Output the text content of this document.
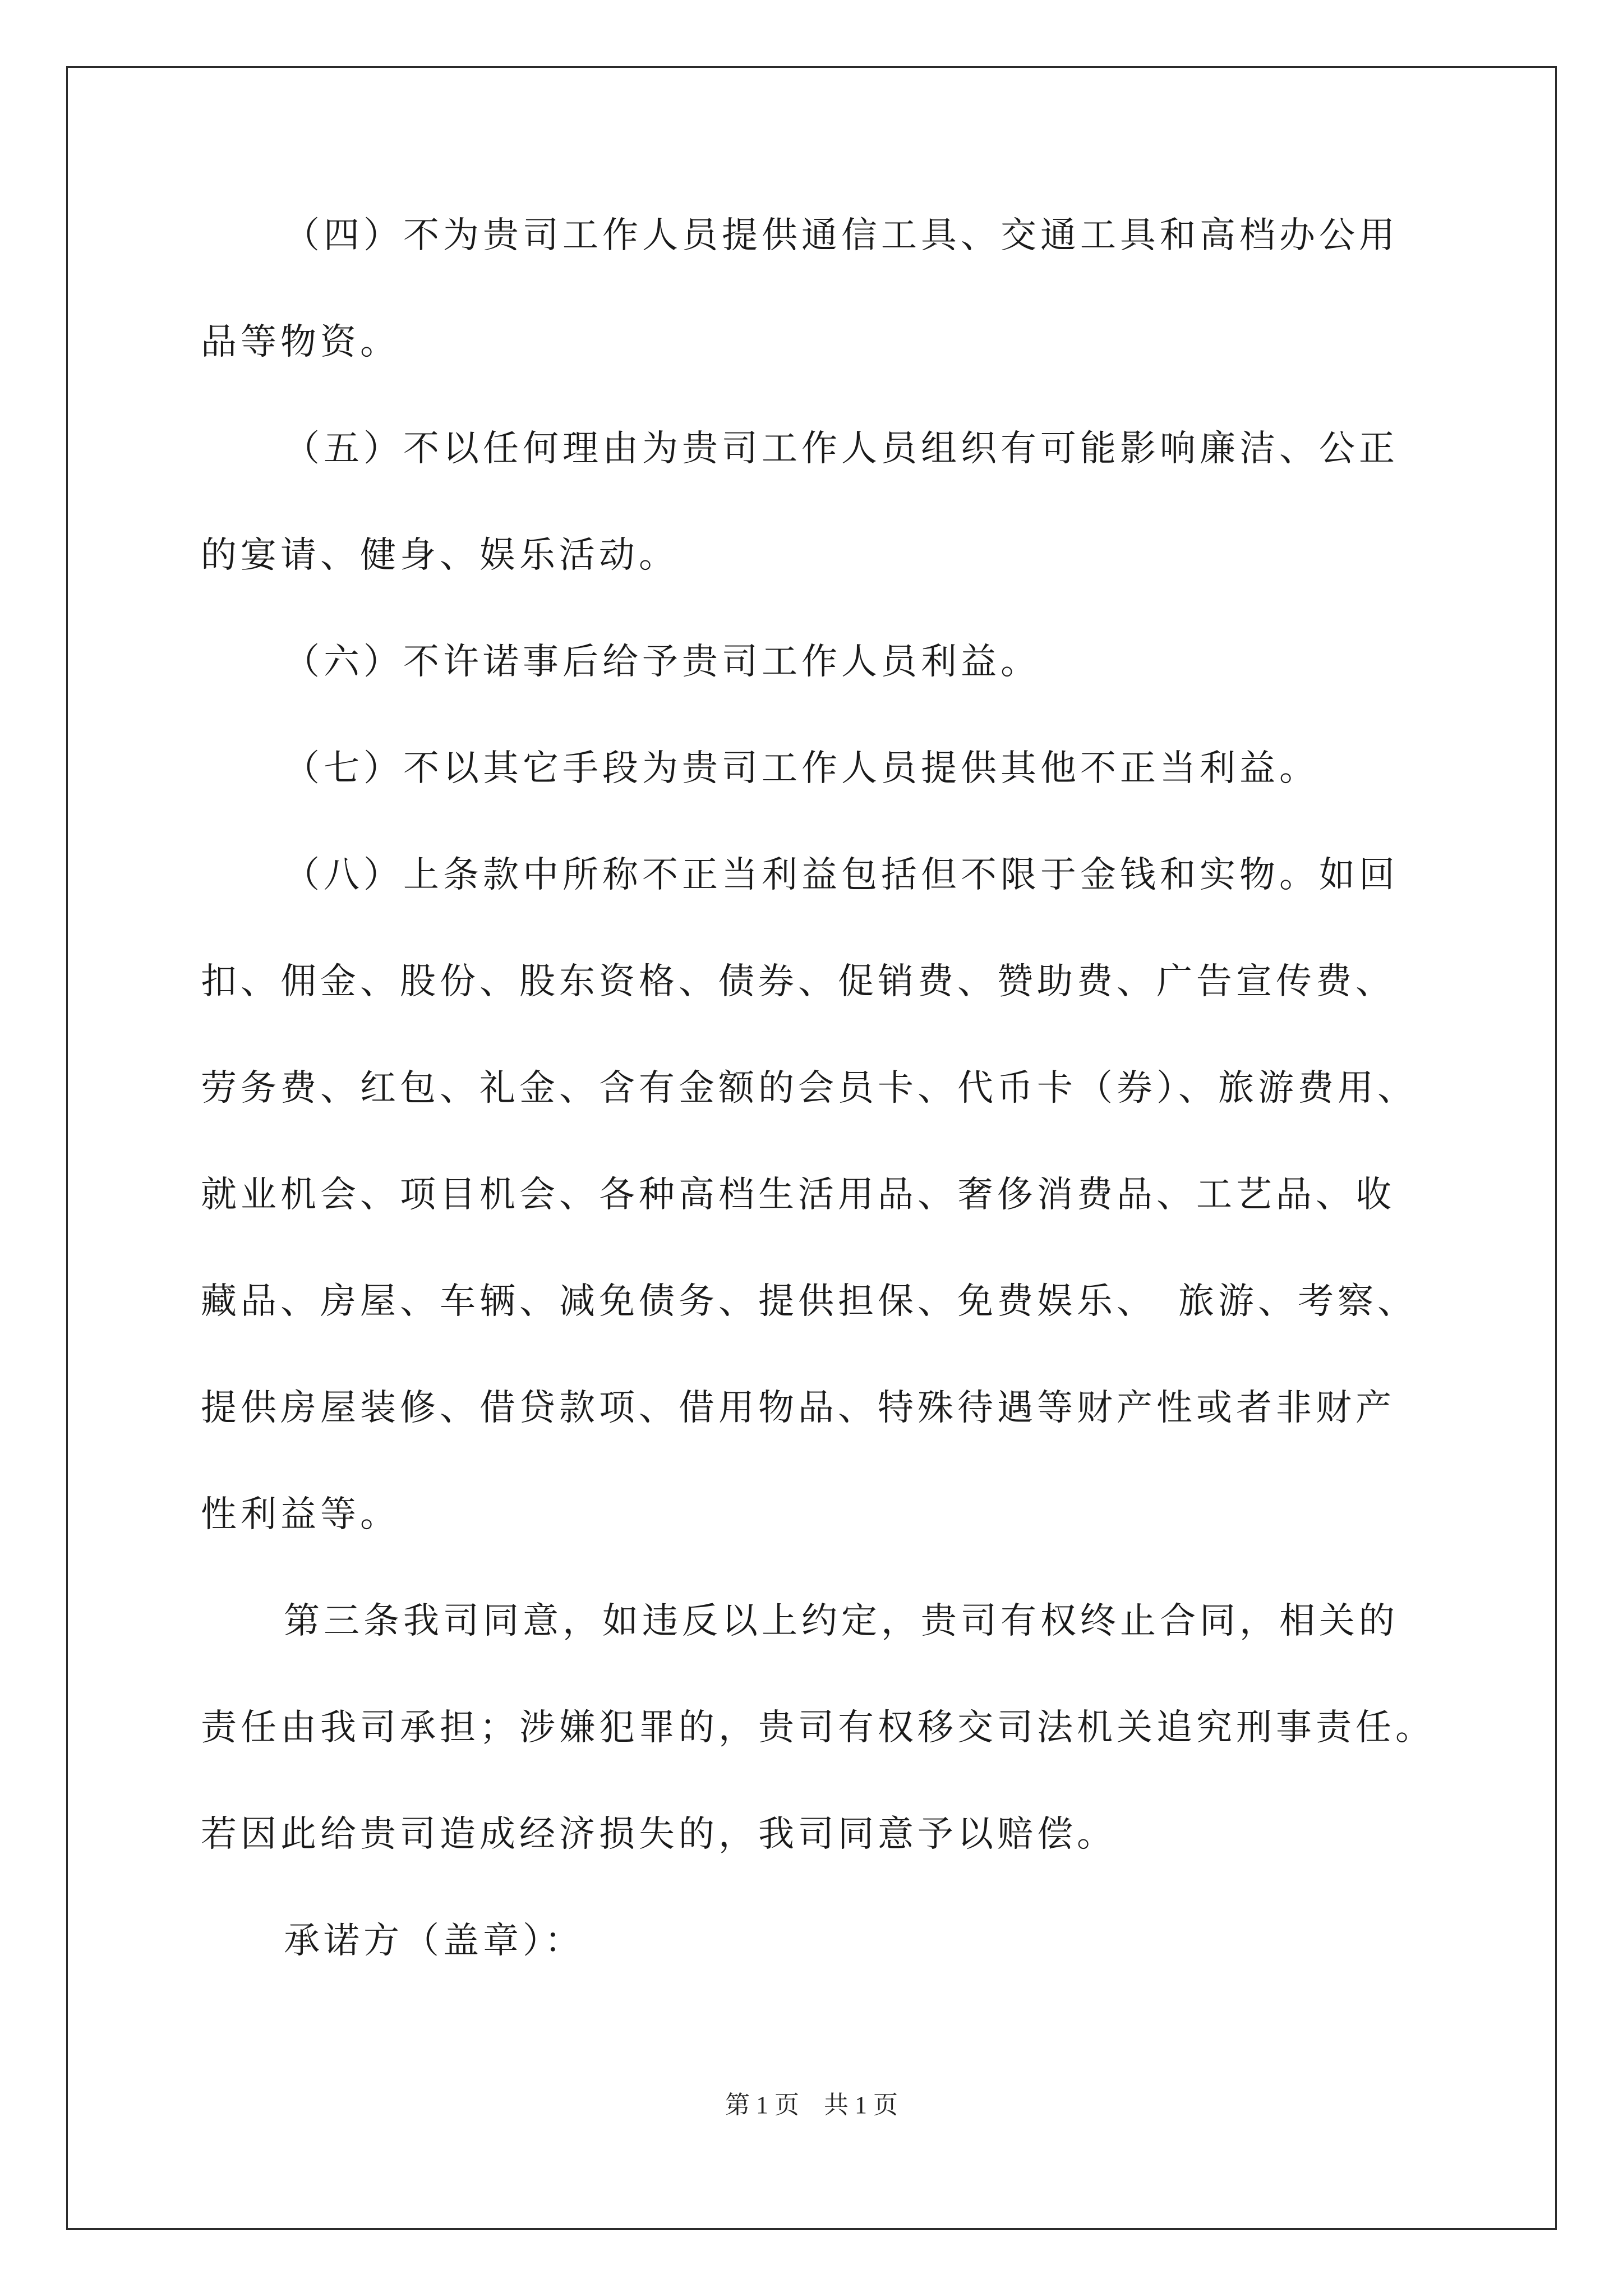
（四）不为贵司工作人员提供通信工具、交通工具和高档办公用
品等物资。
（五）不以任何理由为贵司工作人员组织有可能影响廉洁、公正
的宴请、健身、娱乐活动。
（六）不许诺事后给予贵司工作人员利益。
（七）不以其它手段为贵司工作人员提供其他不正当利益。
（八）上条款中所称不正当利益包括但不限于金钱和实物。如回
扣、佣金、股份、股东资格、债券、促销费、赞助费、广告宣传费、
劳务费、红包、礼金、含有金额的会员卡、代币卡（券）、旅游费用、
就业机会、项目机会、各种高档生活用品、奢侈消费品、工艺品、收
藏品、房屋、车辆、减免债务、提供担保、免费娱乐、　旅游、考察、
提供房屋装修、借贷款项、借用物品、特殊待遇等财产性或者非财产
性利益等。
第三条我司同意，如违反以上约定，贵司有权终止合同，相关的
责任由我司承担；涉嫌犯罪的，贵司有权移交司法机关追究刑事责任。
若因此给贵司造成经济损失的，我司同意予以赔偿。
承诺方（盖章）：
第 1 页　共 1 页
